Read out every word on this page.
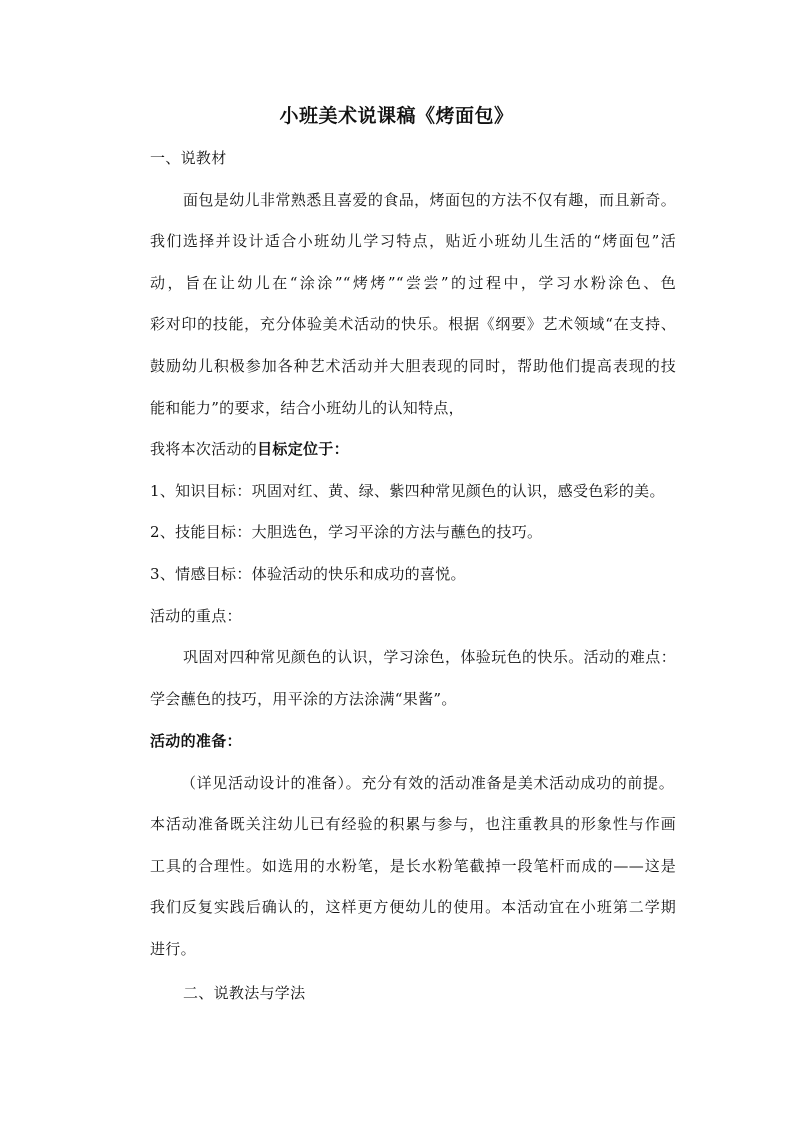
小班美术说课稿《烤面包》
一、说教材
面包是幼儿非常熟悉且喜爱的食品，烤面包的方法不仅有趣，而且新奇。
我们选择并设计适合小班幼儿学习特点，贴近小班幼儿生活的“烤面包”活
动，旨在让幼儿在“涂涂”“烤烤”“尝尝”的过程中，学习水粉涂色、色
彩对印的技能，充分体验美术活动的快乐。根据《纲要》艺术领域“在支持、
鼓励幼儿积极参加各种艺术活动并大胆表现的同时，帮助他们提高表现的技
能和能力”的要求，结合小班幼儿的认知特点，
我将本次活动的目标定位于：
1、知识目标：巩固对红、黄、绿、紫四种常见颜色的认识，感受色彩的美。
2、技能目标：大胆选色，学习平涂的方法与蘸色的技巧。
3、情感目标：体验活动的快乐和成功的喜悦。
活动的重点：
巩固对四种常见颜色的认识，学习涂色，体验玩色的快乐。活动的难点：
学会蘸色的技巧，用平涂的方法涂满“果酱”。
活动的准备：
（详见活动设计的准备）。充分有效的活动准备是美术活动成功的前提。
本活动准备既关注幼儿已有经验的积累与参与，也注重教具的形象性与作画
工具的合理性。如选用的水粉笔，是长水粉笔截掉一段笔杆而成的——这是
我们反复实践后确认的，这样更方便幼儿的使用。本活动宜在小班第二学期
进行。
二、说教法与学法
